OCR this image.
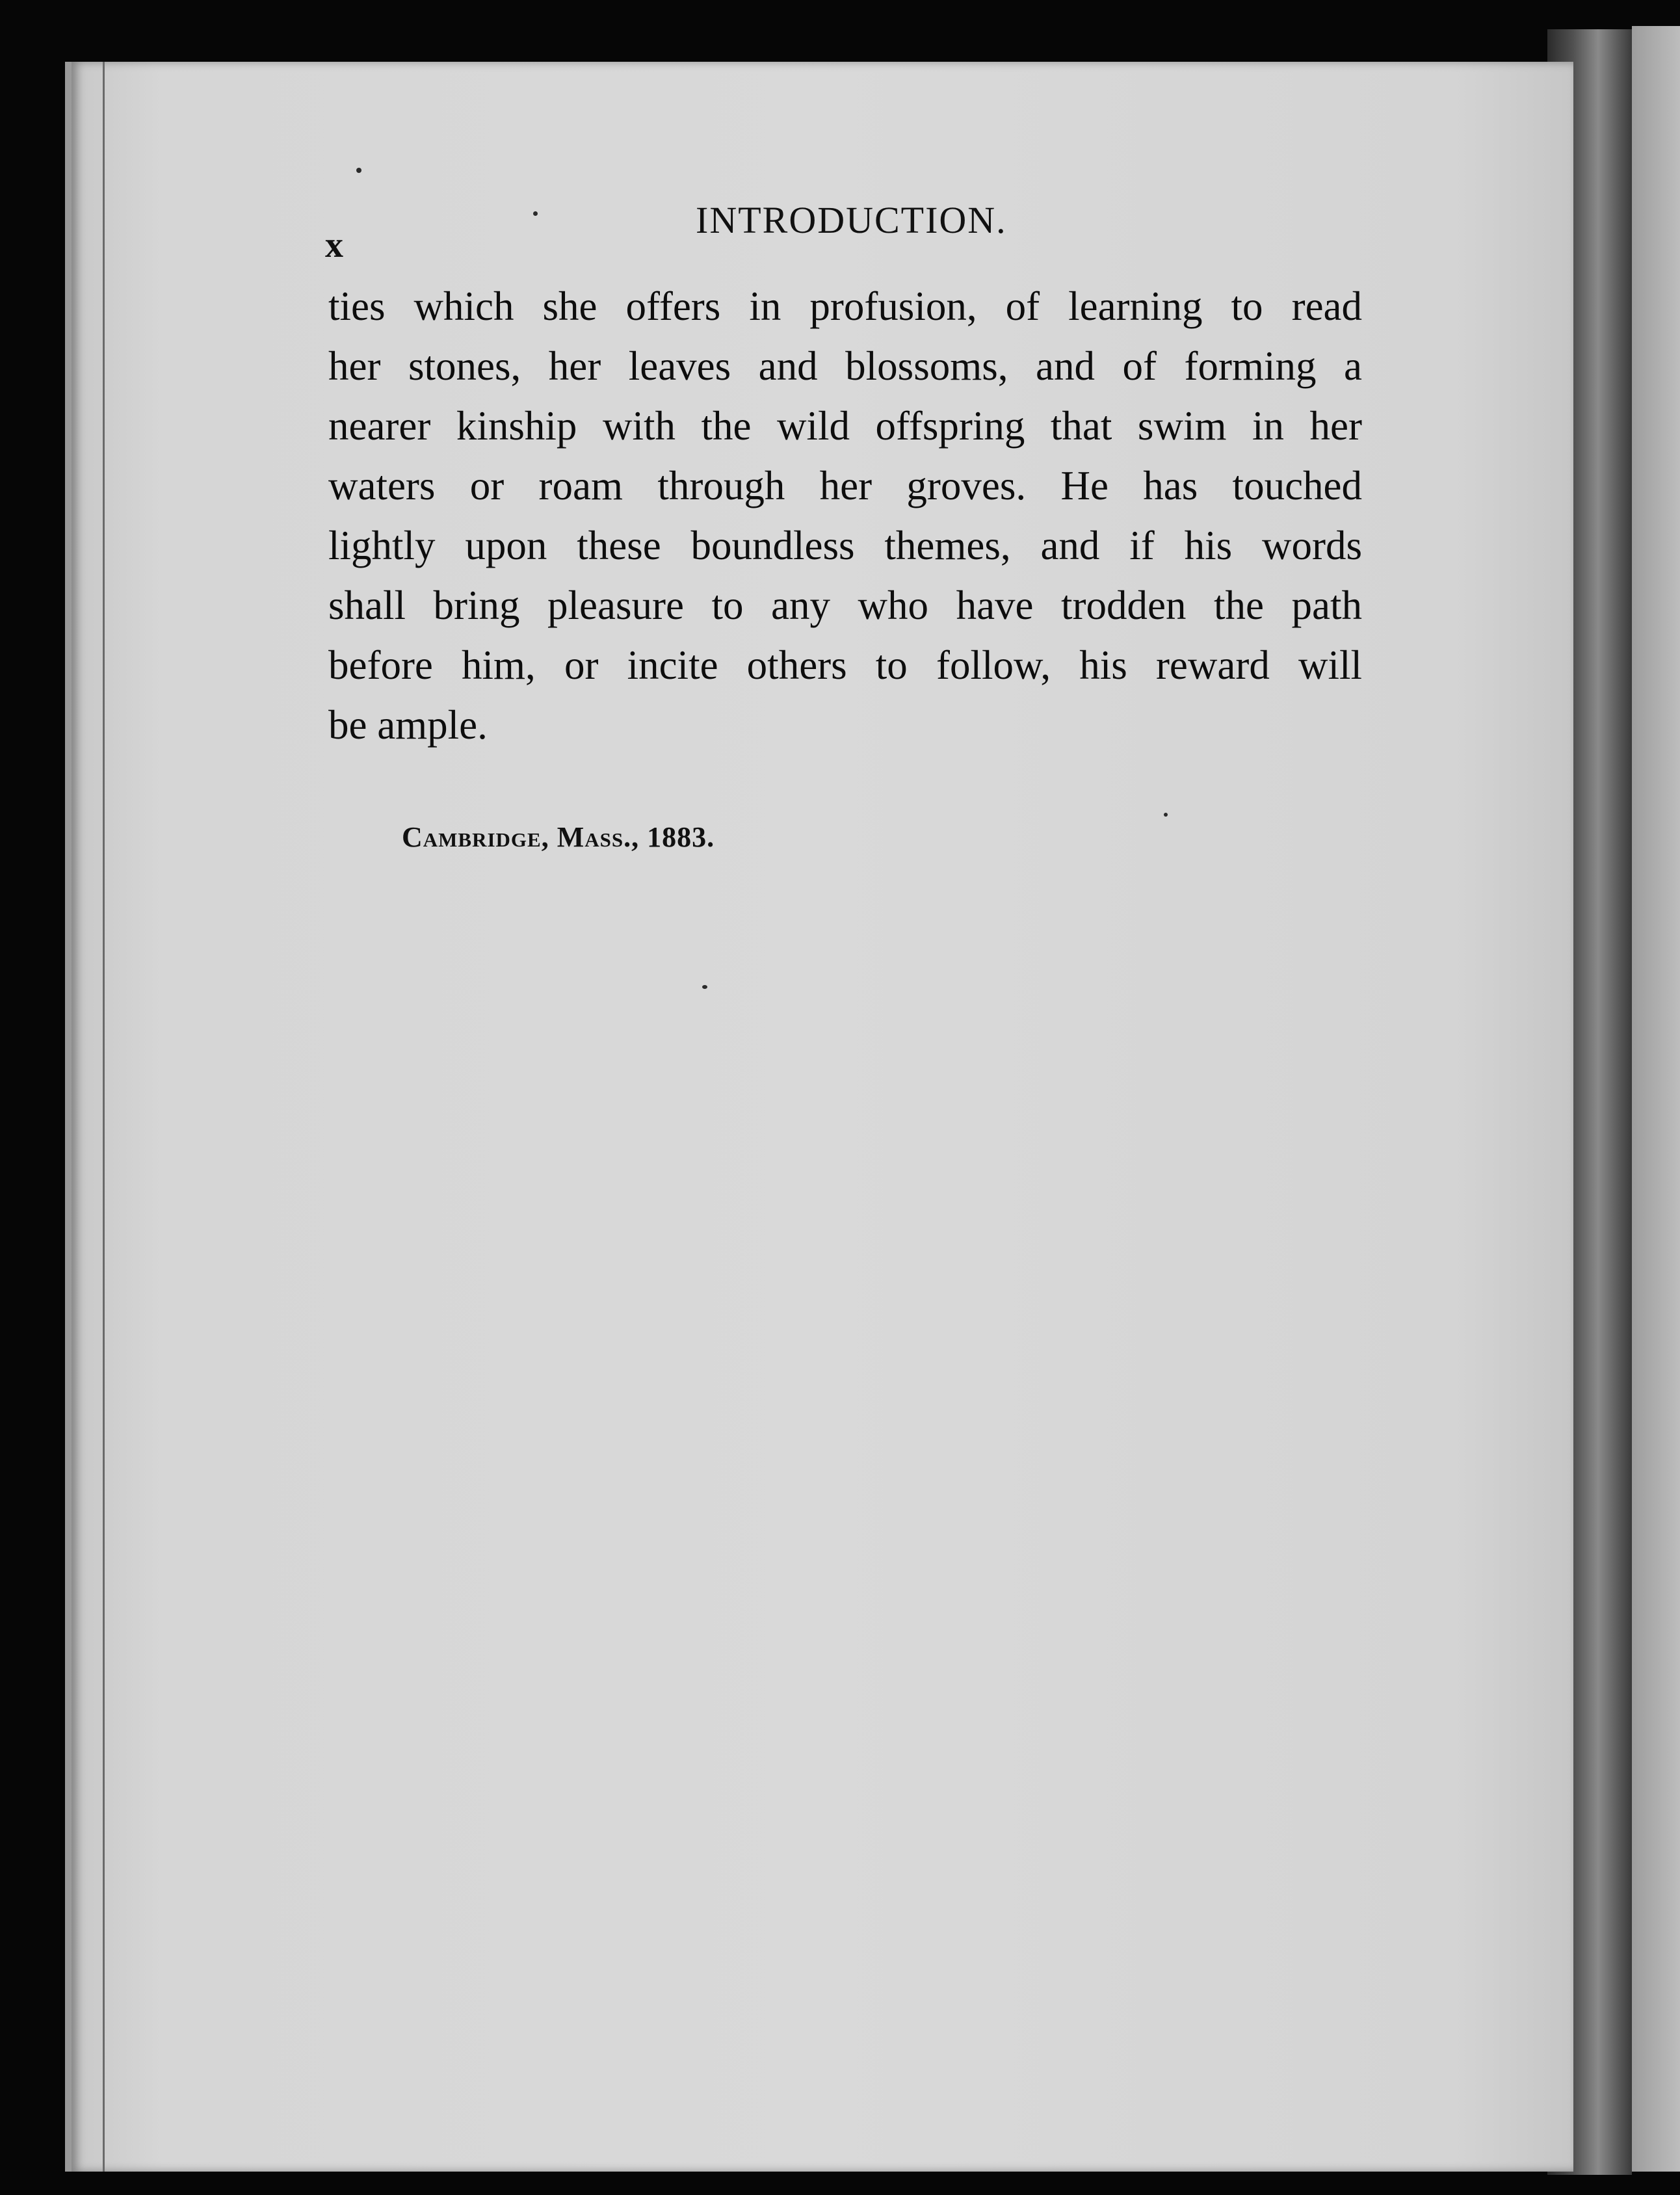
x
INTRODUCTION.
ties which she offers in profusion, of learning to read
her stones, her leaves and blossoms, and of forming a
nearer kinship with the wild offspring that swim in her
waters or roam through her groves. He has touched
lightly upon these boundless themes, and if his words
shall bring pleasure to any who have trodden the path
before him, or incite others to follow, his reward will
be ample.
Cambridge, Mass., 1883.
